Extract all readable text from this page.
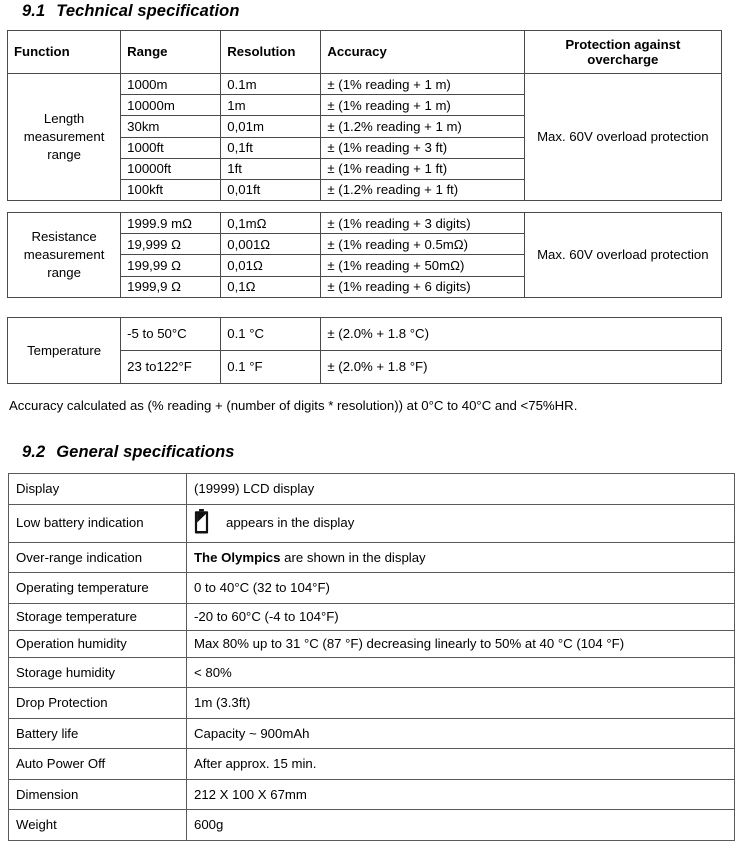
9.1 Technical specification
Function	Range	Resolution	Accuracy	Protection against overcharge
Length measurement range	1000m	0.1m	± (1% reading + 1 m)	Max. 60V overload protection
	10000m	1m	± (1% reading + 1 m)	
	30km	0,01m	± (1.2% reading + 1 m)	
	1000ft	0,1ft	± (1% reading + 3 ft)	
	10000ft	1ft	± (1% reading + 1 ft)	
	100kft	0,01ft	± (1.2% reading + 1 ft)	
Resistance measurement range	1999.9 mΩ	0,1mΩ	± (1% reading + 3 digits)	Max. 60V overload protection
	19,999 Ω	0,001Ω	± (1% reading + 0.5mΩ)	
	199,99 Ω	0,01Ω	± (1% reading + 50mΩ)	
	1999,9 Ω	0,1Ω	± (1% reading + 6 digits)	
Temperature	-5 to 50°C	0.1 °C	± (2.0% + 1.8 °C)
	23 to122°F	0.1 °F	± (2.0% + 1.8 °F)
Accuracy calculated as (% reading + (number of digits * resolution)) at 0°C to 40°C and <75%HR.
9.2 General specifications
Display	(19999) LCD display
Low battery indication	appears in the display

Over-range indication	The Olympics are shown in the display
Operating temperature	0 to 40°C (32 to 104°F)
Storage temperature	-20 to 60°C (-4 to 104°F)
Operation humidity	Max 80% up to 31 °C (87 °F) decreasing linearly to 50% at 40 °C (104 °F)
Storage humidity	< 80%
Drop Protection	1m (3.3ft)
Battery life	Capacity ~ 900mAh
Auto Power Off	After approx. 15 min.
Dimension	212 X 100 X 67mm
Weight	600g
